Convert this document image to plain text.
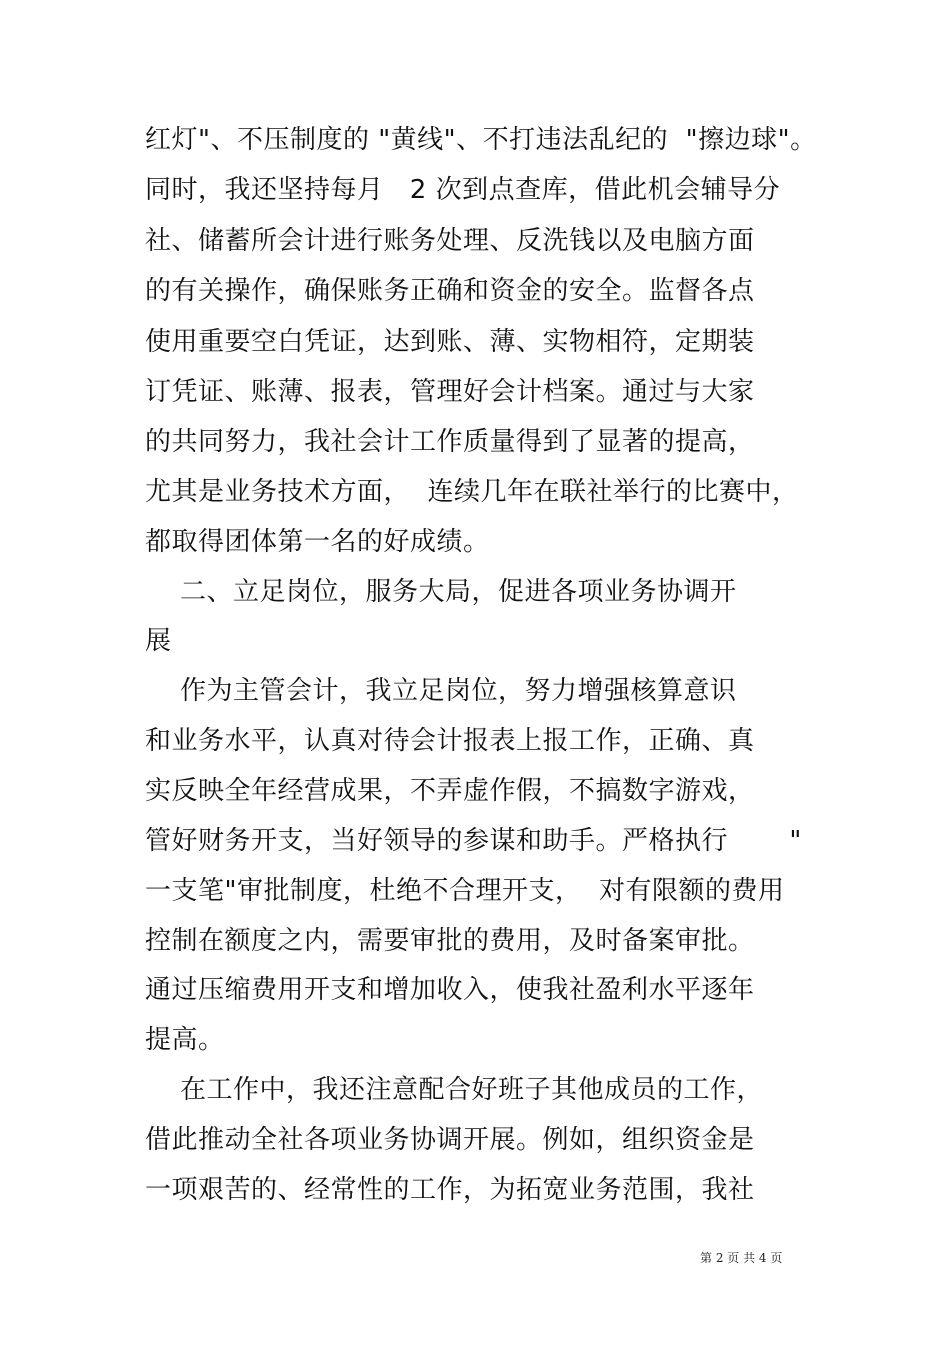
红灯"、不压制度的 "黄线"、不打违法乱纪的  "擦边球"。
同时，我还坚持每月   2 次到点查库，借此机会辅导分
社、储蓄所会计进行账务处理、反洗钱以及电脑方面
的有关操作，确保账务正确和资金的安全。监督各点
使用重要空白凭证，达到账、薄、实物相符，定期装
订凭证、账薄、报表，管理好会计档案。通过与大家
的共同努力，我社会计工作质量得到了显著的提高，
尤其是业务技术方面，  连续几年在联社举行的比赛中，
都取得团体第一名的好成绩。
二、立足岗位，服务大局，促进各项业务协调开
展
作为主管会计，我立足岗位，努力增强核算意识
和业务水平，认真对待会计报表上报工作，正确、真
实反映全年经营成果，不弄虚作假，不搞数字游戏，
管好财务开支，当好领导的参谋和助手。严格执行       "
一支笔"审批制度，杜绝不合理开支，  对有限额的费用
控制在额度之内，需要审批的费用，及时备案审批。
通过压缩费用开支和增加收入，使我社盈利水平逐年
提高。
在工作中，我还注意配合好班子其他成员的工作，
借此推动全社各项业务协调开展。例如，组织资金是
一项艰苦的、经常性的工作，为拓宽业务范围，我社
第 2 页 共 4 页
